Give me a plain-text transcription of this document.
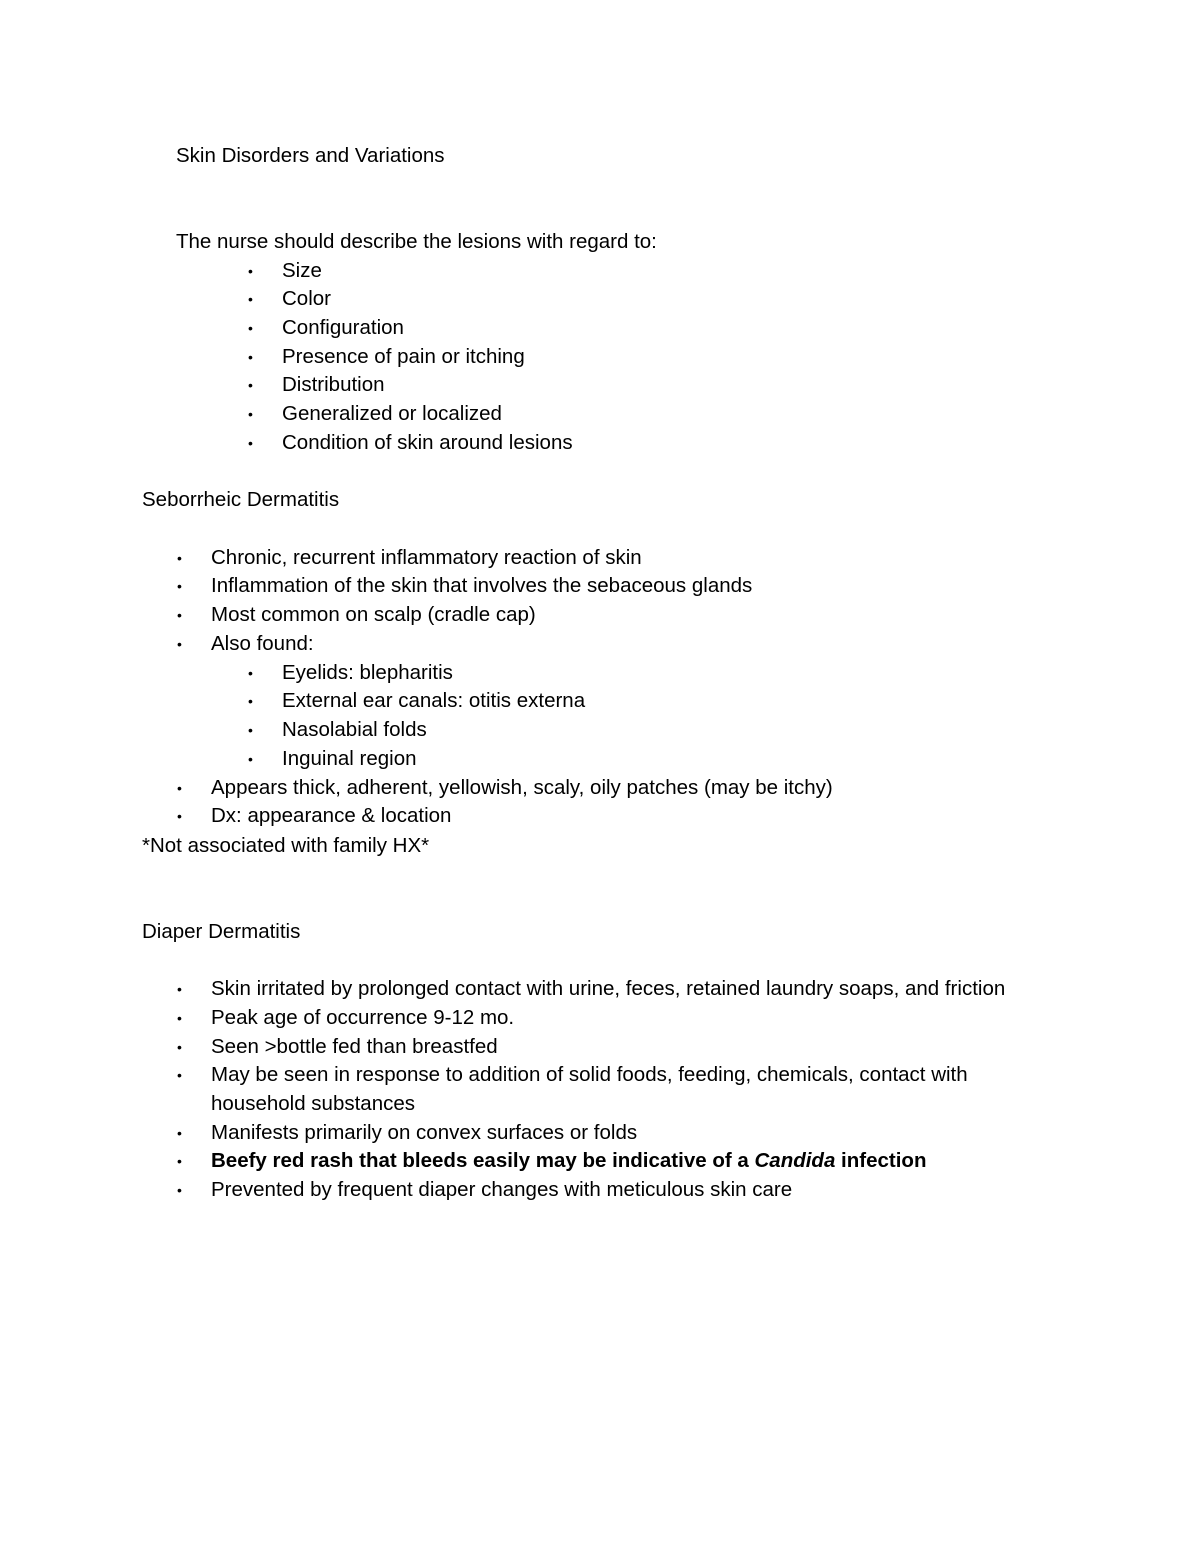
Skin Disorders and Variations
The nurse should describe the lesions with regard to:
• Size
• Color
• Configuration
• Presence of pain or itching
• Distribution
• Generalized or localized
• Condition of skin around lesions
Seborrheic Dermatitis
• Chronic, recurrent inflammatory reaction of skin
• Inflammation of the skin that involves the sebaceous glands
• Most common on scalp (cradle cap)
• Also found:
• Eyelids: blepharitis
• External ear canals: otitis externa
• Nasolabial folds
• Inguinal region
• Appears thick, adherent, yellowish, scaly, oily patches (may be itchy)
• Dx: appearance & location
*Not associated with family HX*
Diaper Dermatitis
• Skin irritated by prolonged contact with urine, feces, retained laundry soaps, and friction
• Peak age of occurrence 9-12 mo.
• Seen >bottle fed than breastfed
• May be seen in response to addition of solid foods, feeding, chemicals, contact with
household substances
• Manifests primarily on convex surfaces or folds
• Beefy red rash that bleeds easily may be indicative of a Candida infection
• Prevented by frequent diaper changes with meticulous skin care
